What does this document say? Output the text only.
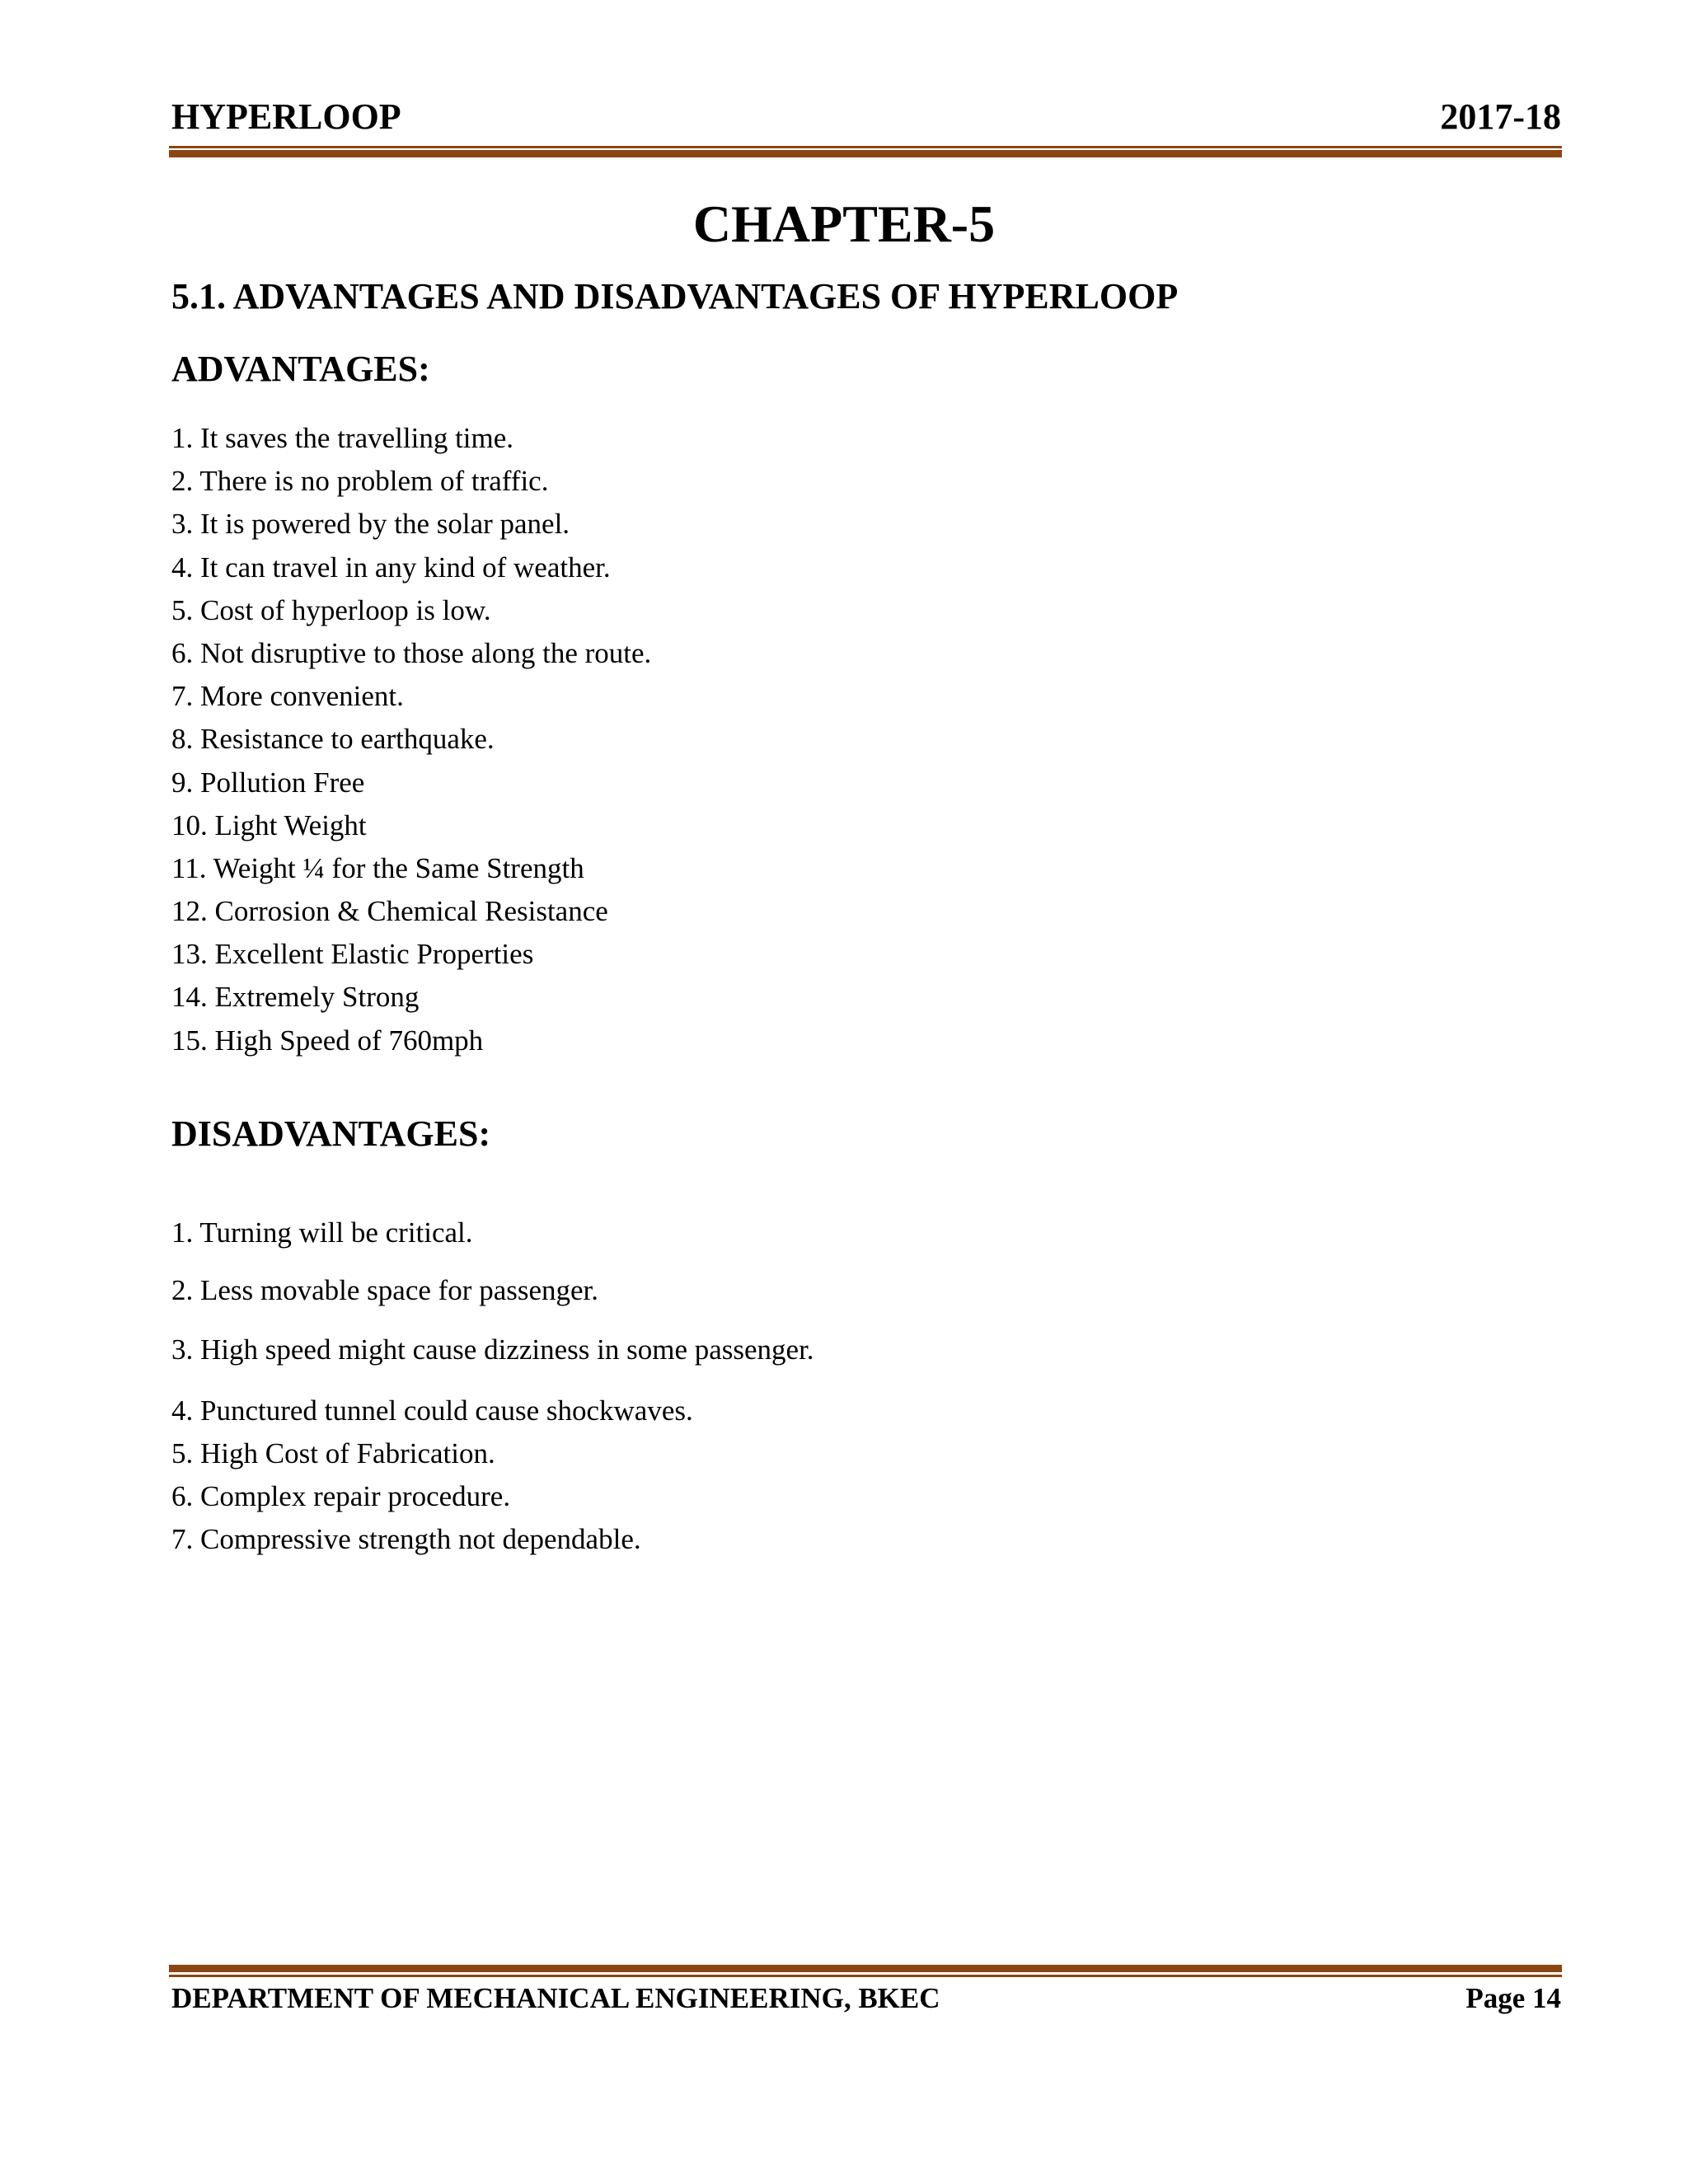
HYPERLOOP	2017-18
CHAPTER-5
5.1. ADVANTAGES AND DISADVANTAGES OF HYPERLOOP
ADVANTAGES:
1. It saves the travelling time.
2. There is no problem of traffic.
3. It is powered by the solar panel.
4. It can travel in any kind of weather.
5. Cost of hyperloop is low.
6. Not disruptive to those along the route.
7. More convenient.
8. Resistance to earthquake.
9. Pollution Free
10. Light Weight
11. Weight ¼ for the Same Strength
12. Corrosion & Chemical Resistance
13. Excellent Elastic Properties
14. Extremely Strong
15. High Speed of 760mph
DISADVANTAGES:
1. Turning will be critical.
2. Less movable space for passenger.
3. High speed might cause dizziness in some passenger.
4. Punctured tunnel could cause shockwaves.
5. High Cost of Fabrication.
6. Complex repair procedure.
7. Compressive strength not dependable.
DEPARTMENT OF MECHANICAL ENGINEERING, BKEC	Page 14
